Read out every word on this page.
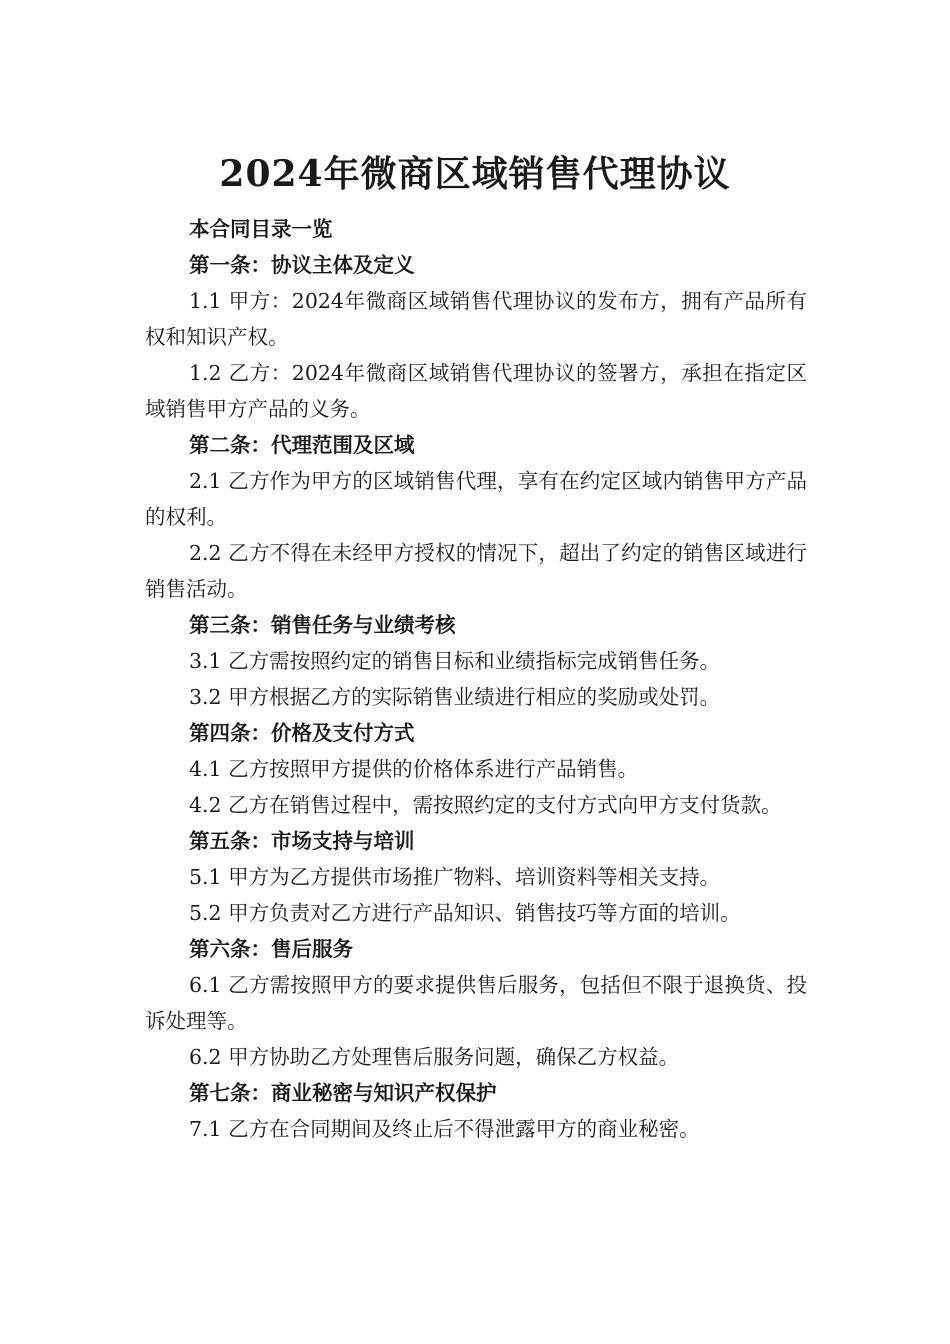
2024年微商区域销售代理协议

本合同目录一览

第一条：协议主体及定义

1.1 甲方：2024年微商区域销售代理协议的发布方，拥有产品所有权和知识产权。

1.2 乙方：2024年微商区域销售代理协议的签署方，承担在指定区域销售甲方产品的义务。

第二条：代理范围及区域

2.1 乙方作为甲方的区域销售代理，享有在约定区域内销售甲方产品的权利。

2.2 乙方不得在未经甲方授权的情况下，超出了约定的销售区域进行销售活动。

第三条：销售任务与业绩考核

3.1 乙方需按照约定的销售目标和业绩指标完成销售任务。

3.2 甲方根据乙方的实际销售业绩进行相应的奖励或处罚。

第四条：价格及支付方式

4.1 乙方按照甲方提供的价格体系进行产品销售。

4.2 乙方在销售过程中，需按照约定的支付方式向甲方支付货款。

第五条：市场支持与培训

5.1 甲方为乙方提供市场推广物料、培训资料等相关支持。

5.2 甲方负责对乙方进行产品知识、销售技巧等方面的培训。

第六条：售后服务

6.1 乙方需按照甲方的要求提供售后服务，包括但不限于退换货、投诉处理等。

6.2 甲方协助乙方处理售后服务问题，确保乙方权益。

第七条：商业秘密与知识产权保护

7.1 乙方在合同期间及终止后不得泄露甲方的商业秘密。
